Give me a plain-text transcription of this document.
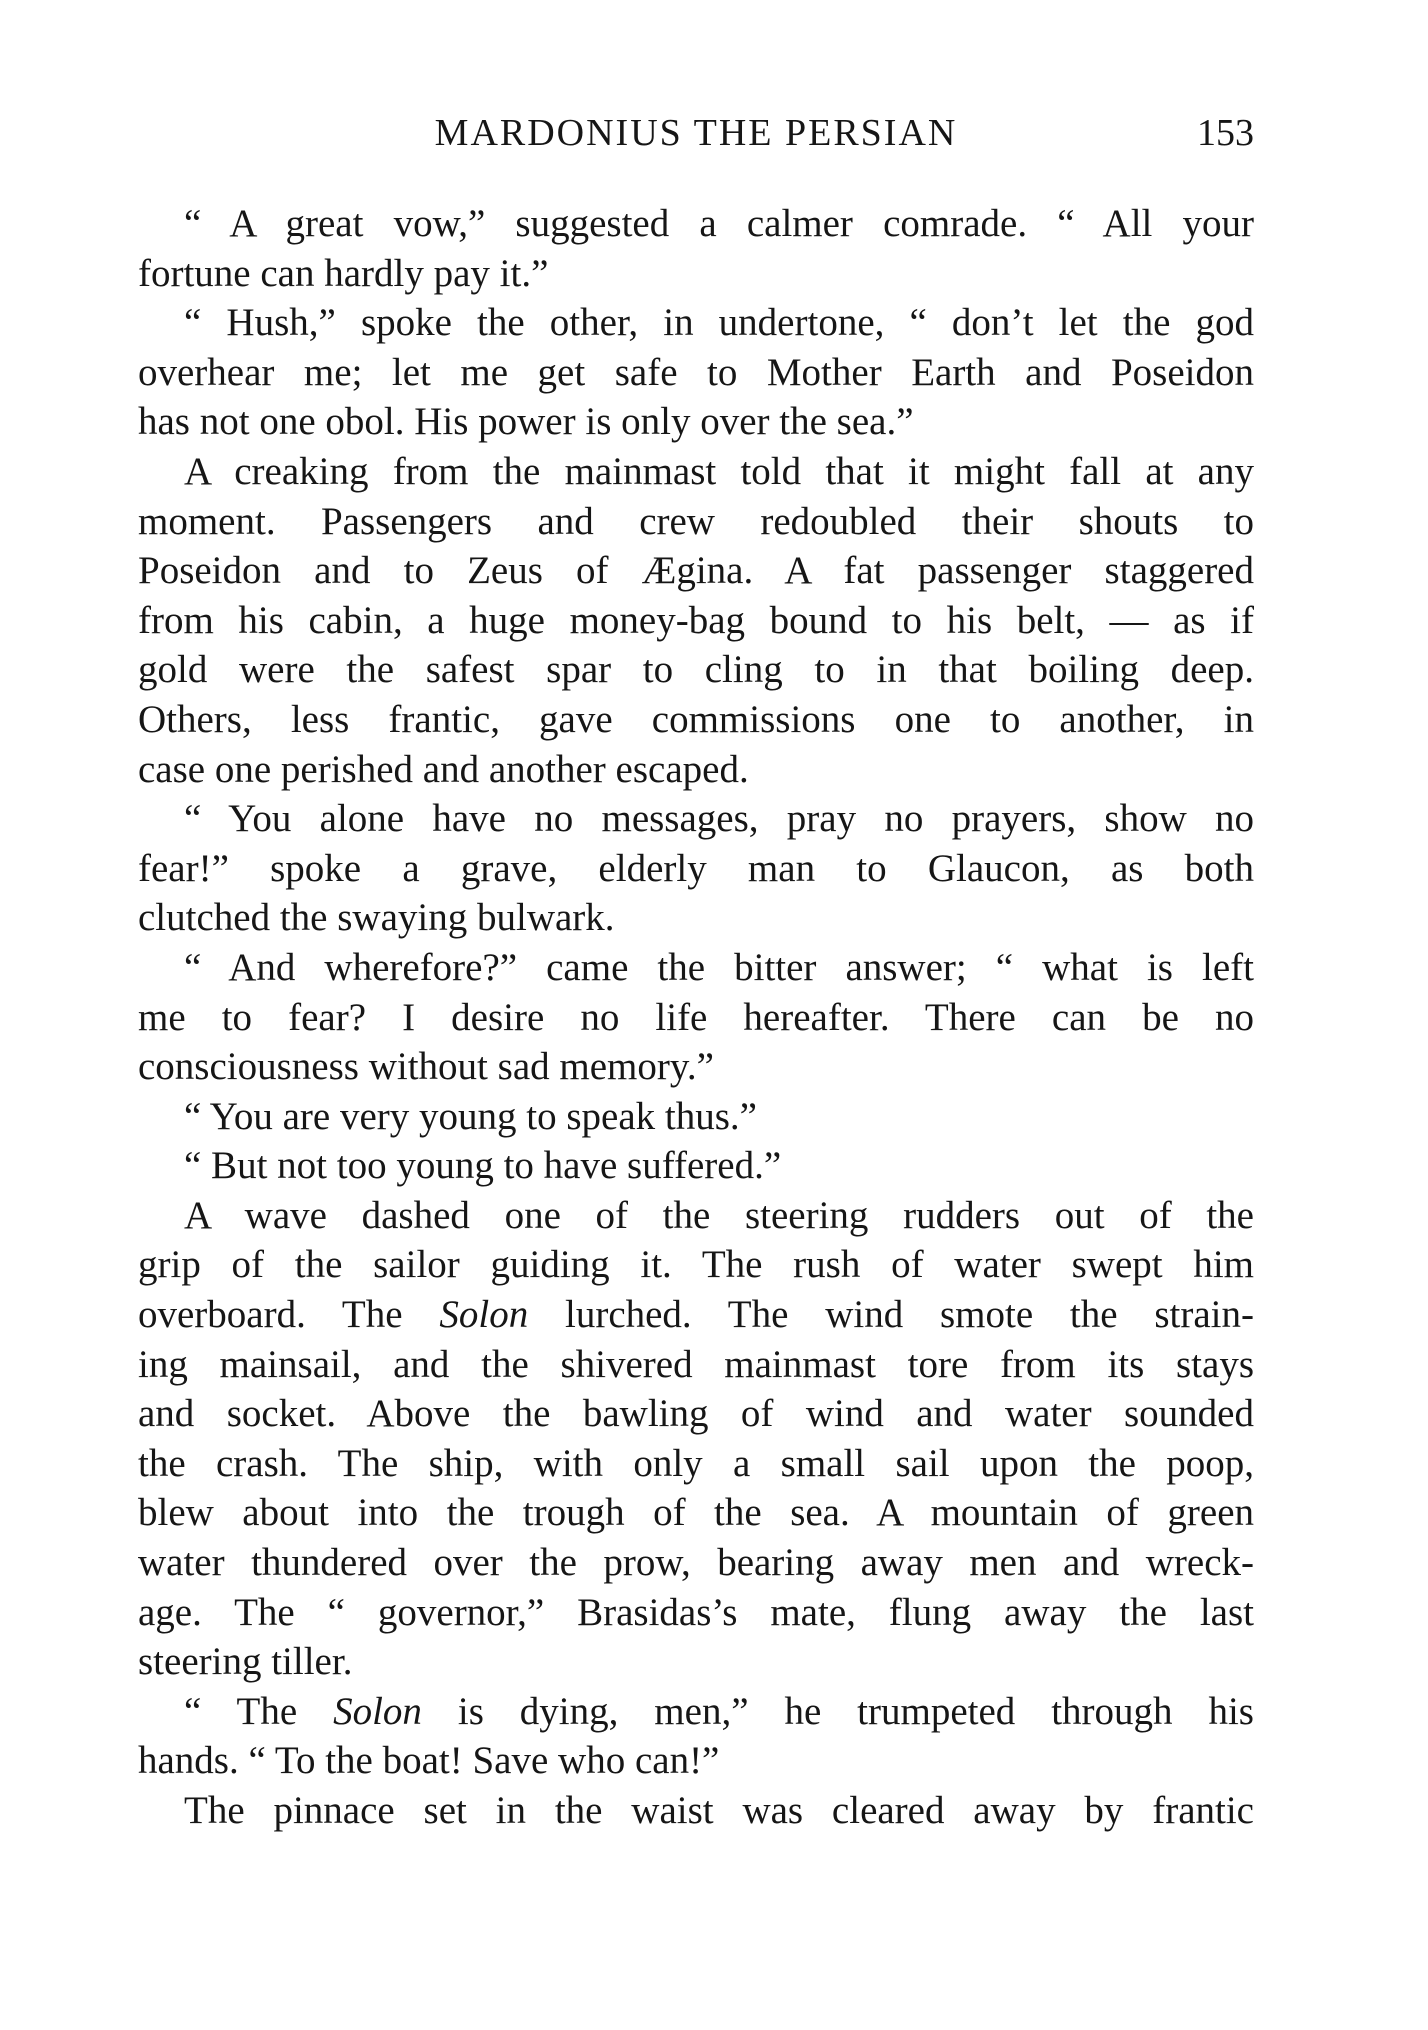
MARDONIUS THE PERSIAN	153
“ A great vow,” suggested a calmer comrade. “ All your
fortune can hardly pay it.”
“ Hush,” spoke the other, in undertone, “ don’t let the god
overhear me; let me get safe to Mother Earth and Poseidon
has not one obol. His power is only over the sea.”
A creaking from the mainmast told that it might fall at any
moment. Passengers and crew redoubled their shouts to
Poseidon and to Zeus of Ægina. A fat passenger staggered
from his cabin, a huge money-bag bound to his belt, — as if
gold were the safest spar to cling to in that boiling deep.
Others, less frantic, gave commissions one to another, in
case one perished and another escaped.
“ You alone have no messages, pray no prayers, show no
fear!” spoke a grave, elderly man to Glaucon, as both
clutched the swaying bulwark.
“ And wherefore?” came the bitter answer; “ what is left
me to fear? I desire no life hereafter. There can be no
consciousness without sad memory.”
“ You are very young to speak thus.”
“ But not too young to have suffered.”
A wave dashed one of the steering rudders out of the
grip of the sailor guiding it. The rush of water swept him
overboard. The Solon lurched. The wind smote the strain-
ing mainsail, and the shivered mainmast tore from its stays
and socket. Above the bawling of wind and water sounded
the crash. The ship, with only a small sail upon the poop,
blew about into the trough of the sea. A mountain of green
water thundered over the prow, bearing away men and wreck-
age. The “ governor,” Brasidas’s mate, flung away the last
steering tiller.
“ The Solon is dying, men,” he trumpeted through his
hands. “ To the boat! Save who can!”
The pinnace set in the waist was cleared away by frantic
